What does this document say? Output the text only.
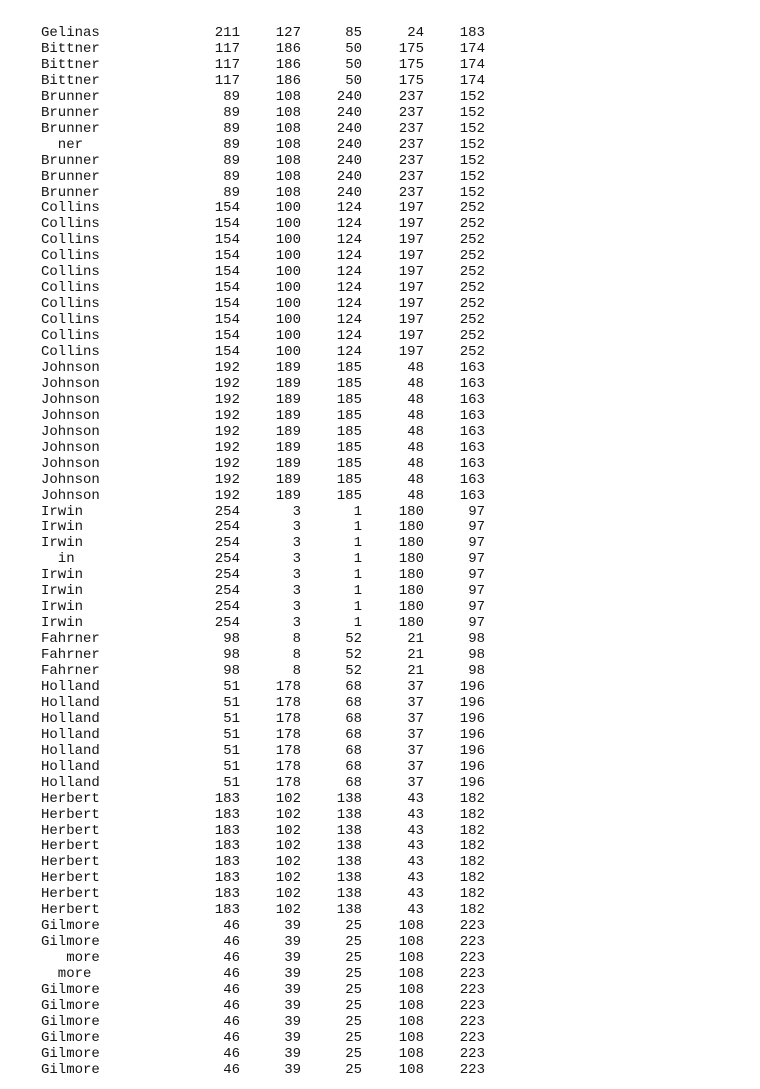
Gelinas	211	127	85	24	183
Bittner	117	186	50	175	174
Bittner	117	186	50	175	174
Bittner	117	186	50	175	174
Brunner	89	108	240	237	152
Brunner	89	108	240	237	152
Brunner	89	108	240	237	152
ner	89	108	240	237	152
Brunner	89	108	240	237	152
Brunner	89	108	240	237	152
Brunner	89	108	240	237	152
Collins	154	100	124	197	252
Collins	154	100	124	197	252
Collins	154	100	124	197	252
Collins	154	100	124	197	252
Collins	154	100	124	197	252
Collins	154	100	124	197	252
Collins	154	100	124	197	252
Collins	154	100	124	197	252
Collins	154	100	124	197	252
Collins	154	100	124	197	252
Johnson	192	189	185	48	163
Johnson	192	189	185	48	163
Johnson	192	189	185	48	163
Johnson	192	189	185	48	163
Johnson	192	189	185	48	163
Johnson	192	189	185	48	163
Johnson	192	189	185	48	163
Johnson	192	189	185	48	163
Johnson	192	189	185	48	163
Irwin	254	3	1	180	97
Irwin	254	3	1	180	97
Irwin	254	3	1	180	97
in	254	3	1	180	97
Irwin	254	3	1	180	97
Irwin	254	3	1	180	97
Irwin	254	3	1	180	97
Irwin	254	3	1	180	97
Fahrner	98	8	52	21	98
Fahrner	98	8	52	21	98
Fahrner	98	8	52	21	98
Holland	51	178	68	37	196
Holland	51	178	68	37	196
Holland	51	178	68	37	196
Holland	51	178	68	37	196
Holland	51	178	68	37	196
Holland	51	178	68	37	196
Holland	51	178	68	37	196
Herbert	183	102	138	43	182
Herbert	183	102	138	43	182
Herbert	183	102	138	43	182
Herbert	183	102	138	43	182
Herbert	183	102	138	43	182
Herbert	183	102	138	43	182
Herbert	183	102	138	43	182
Herbert	183	102	138	43	182
Gilmore	46	39	25	108	223
Gilmore	46	39	25	108	223
more	46	39	25	108	223
more	46	39	25	108	223
Gilmore	46	39	25	108	223
Gilmore	46	39	25	108	223
Gilmore	46	39	25	108	223
Gilmore	46	39	25	108	223
Gilmore	46	39	25	108	223
Gilmore	46	39	25	108	223
